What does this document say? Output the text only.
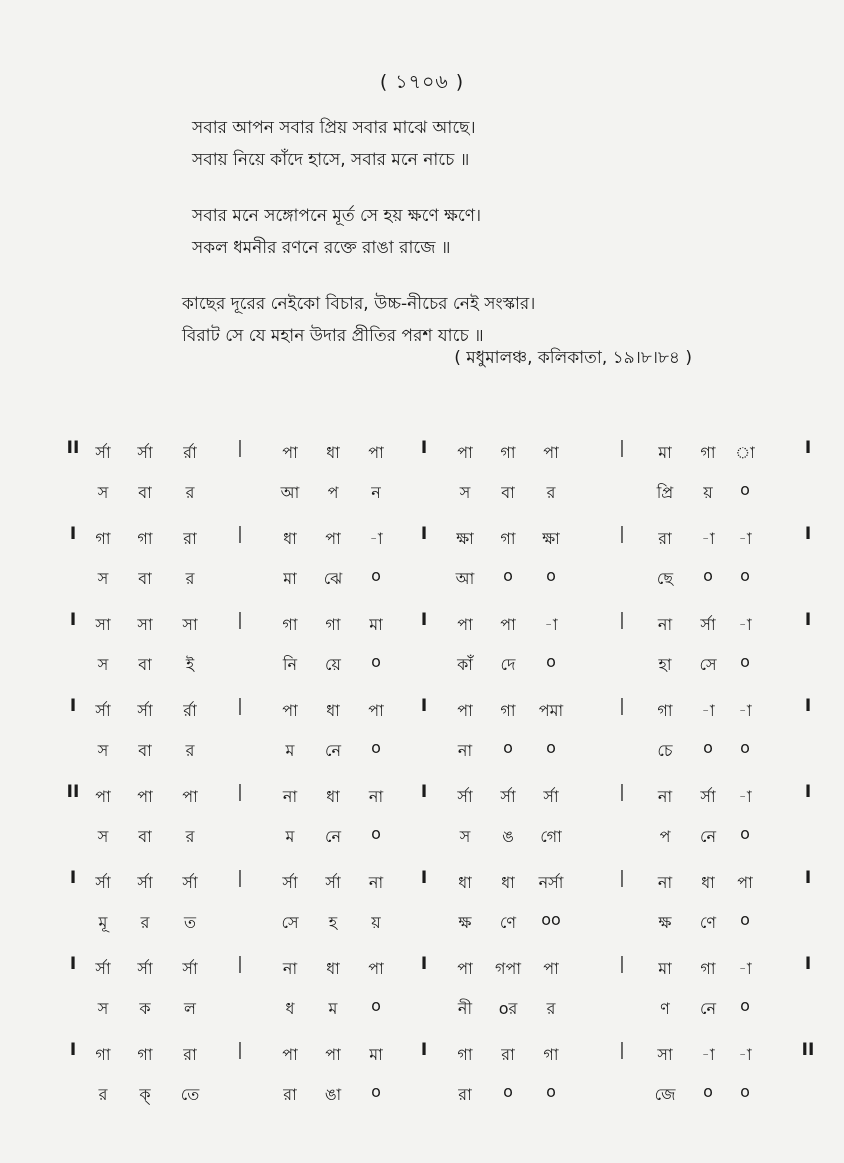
( ১৭০৬ )
সবার আপন সবার প্রিয় সবার মাঝে আছে।
সবায় নিয়ে কাঁদে হাসে, সবার মনে নাচে ॥
সবার মনে সঙ্গোপনে মূর্ত সে হয় ক্ষণে ক্ষণে।
সকল ধমনীর রণনে রক্তে রাঙা রাজে ॥
কাছের দূরের নেইকো বিচার, উচ্চ-নীচের নেই সংস্কার।
বিরাট সে যে মহান উদার প্রীতির পরশ যাচে ॥
( মধুমালঞ্চ, কলিকাতা, ১৯।৮।৮৪ )
II	|	I	|	I
র্সা র্সা র্রা	পা ধা পা	পা গা পা	মা গা া
স বা র	আ প ন	স বা র	প্রি য় o
I	|	I	|	I
গা গা রা	ধা পা -া	ক্ষা গা ক্ষা	রা -া -া
স বা র	মা ঝে o	আ o o	ছে o o
I	|	I	|	I
সা সা সা	গা গা মা	পা পা -া	না র্সা -া
স বা ই	নি য়ে o	কাঁ দে o	হা সে o
I	|	I	|	I
র্সা র্সা র্রা	পা ধা পা	পা গা পমা	গা -া -া
স বা র	ম নে o	না o o	চে o o
II	|	I	|	I
পা পা পা	না ধা না	র্সা র্সা র্সা	না র্সা -া
স বা র	ম নে o	স ঙ গো	প নে o
I	|	I	|	I
র্সা র্সা র্সা	র্সা র্সা না	ধা ধা নর্সা	না ধা পা
মূ র ত	সে হ য়	ক্ষ ণে oo	ক্ষ ণে o
I	|	I	|	I
র্সা র্সা র্সা	না ধা পা	পা গপা পা	মা গা -া
স ক ল	ধ ম o	নী oর র	ণ নে o
I	|	I	|	II
গা গা রা	পা পা মা	গা রা গা	সা -া -া
র ক্ তে	রা ঙা o	রা o o	জে o o
